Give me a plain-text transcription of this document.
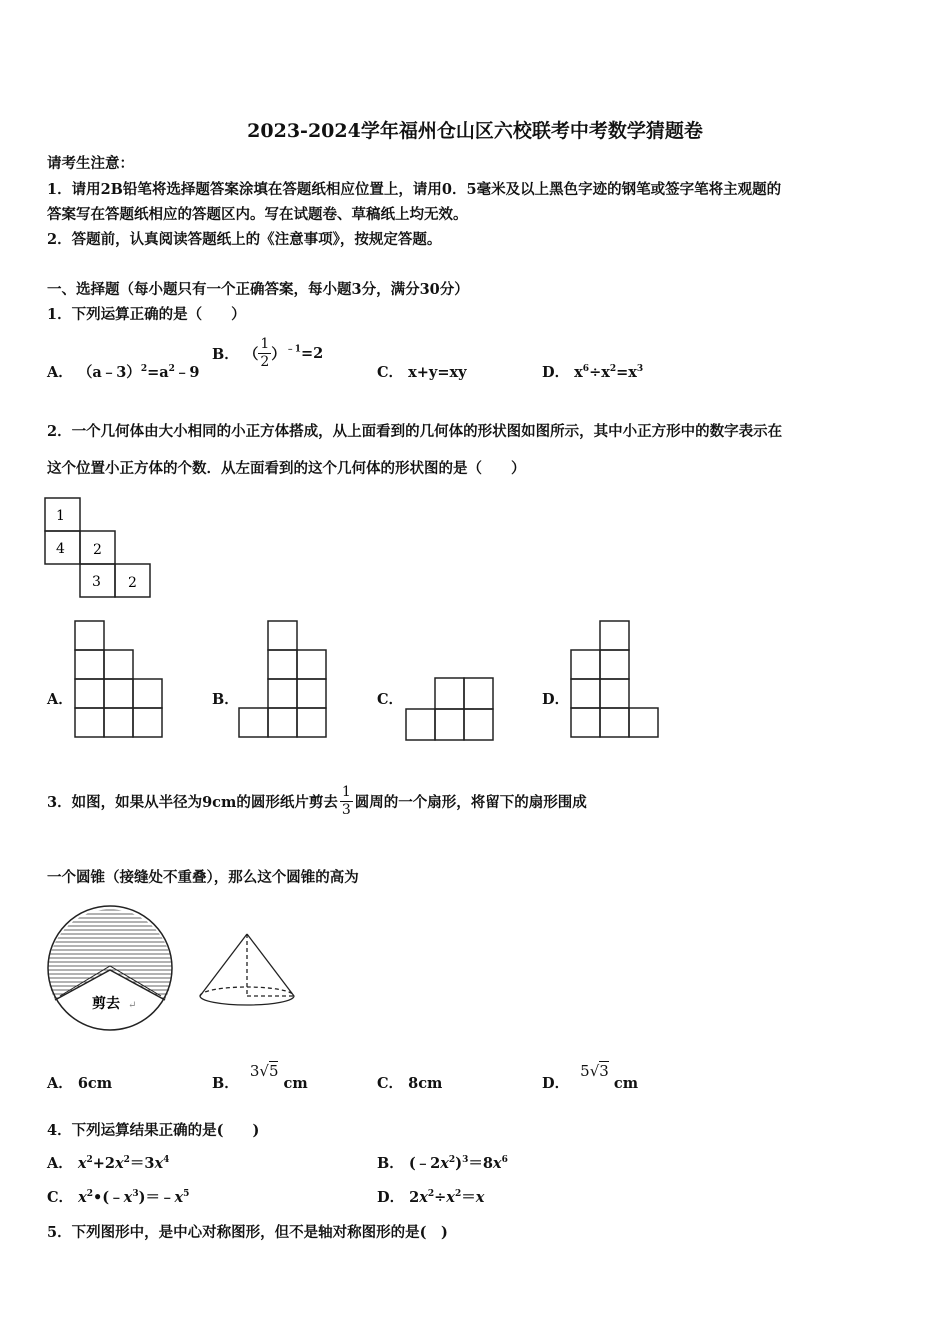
2023-2024学年福州仓山区六校联考中考数学猜题卷
请考生注意：
1．请用2B铅笔将选择题答案涂填在答题纸相应位置上，请用0．5毫米及以上黑色字迹的钢笔或签字笔将主观题的
答案写在答题纸相应的答题区内。写在试题卷、草稿纸上均无效。
2．答题前，认真阅读答题纸上的《注意事项》，按规定答题。
一、选择题（每小题只有一个正确答案，每小题3分，满分30分）
1．下列运算正确的是（　　）
A． $(a﹣3)^2=a^2﹣9$
B． （ $\frac{1}{2} )^{﹣1}=2$
C． x+y=xy	D． $x^6\div x^2=x^3$
2．一个几何体由大小相同的小正方体搭成，从上面看到的几何体的形状图如图所示，其中小正方形中的数字表示在
这个位置小正方体的个数．从左面看到的这个几何体的形状图的是（　　）
1
4 2
3 2
A．	B．	C．	D．
3．如图，如果从半径为9cm的圆形纸片剪去 $\frac{1}{3}$ 圆周的一个扇形，将留下的扇形围成
一个圆锥（接缝处不重叠），那么这个圆锥的高为
剪去 ↵
A． 6cm	B． 3√5 cm	C． 8cm	D． 5√3 cm
4．下列运算结果正确的是(　　)
A． $x^2+2x^2=3x^4$	B． $(﹣2x^2)^3=8x^6$
C． $x^2•(﹣x^3)=﹣x^5$	D． $2x^2\div x^2=x$
5．下列图形中，是中心对称图形，但不是轴对称图形的是(　)
